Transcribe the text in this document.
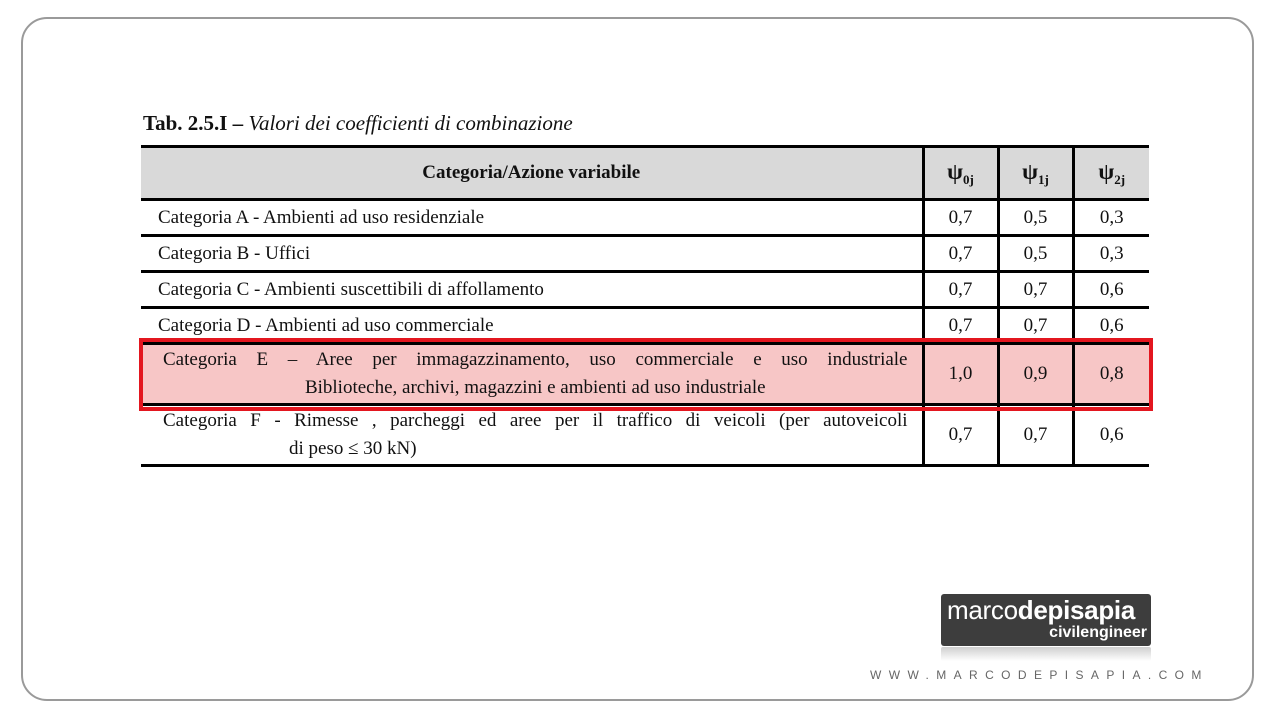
Tab. 2.5.I – Valori dei coefficienti di combinazione
Categoria/Azione variabile	$\psi_{0j}$	$\psi_{1j}$	$\psi_{2j}$
Categoria A - Ambienti ad uso residenziale	0,7	0,5	0,3
Categoria B - Uffici	0,7	0,5	0,3
Categoria C - Ambienti suscettibili di affollamento	0,7	0,7	0,6
Categoria D - Ambienti ad uso commerciale	0,7	0,7	0,6

Categoria E – Aree per immagazzinamento, uso commerciale e uso industriale
Biblioteche, archivi, magazzini e ambienti ad uso industriale	1,0	0,9	0,8

Categoria F - Rimesse , parcheggi ed aree per il traffico di veicoli (per autoveicoli
di peso ≤ 30 kN)	0,7	0,7	0,6
marcodepisapia
civilengineer
WWW.MARCODEPISAPIA.COM
